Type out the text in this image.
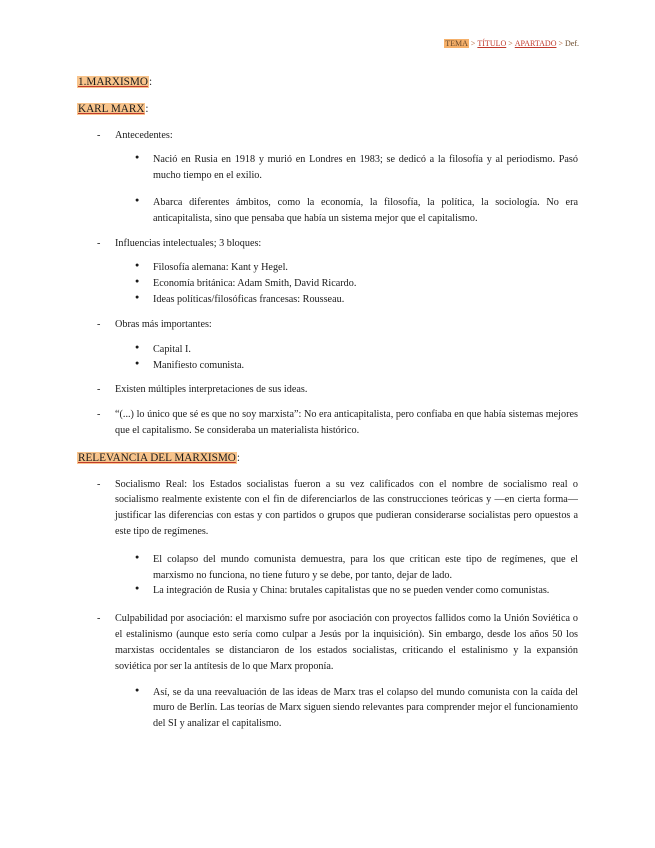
TEMA > TÍTULO > APARTADO > Def.

1.MARXISMO:

KARL MARX:

- Antecedentes:
● Nació en Rusia en 1918 y murió en Londres en 1983; se dedicó a la filosofía y al periodismo. Pasó mucho tiempo en el exilio.
● Abarca diferentes ámbitos, como la economía, la filosofía, la política, la sociología. No era anticapitalista, sino que pensaba que había un sistema mejor que el capitalismo.
- Influencias intelectuales; 3 bloques:
● Filosofía alemana: Kant y Hegel.
● Economía británica: Adam Smith, David Ricardo.
● Ideas políticas/filosóficas francesas: Rousseau.
- Obras más importantes:
● Capital I.
● Manifiesto comunista.
- Existen múltiples interpretaciones de sus ideas.
- “(...) lo único que sé es que no soy marxista”: No era anticapitalista, pero confiaba en que había sistemas mejores que el capitalismo. Se consideraba un materialista histórico.

RELEVANCIA DEL MARXISMO:

- Socialismo Real: los Estados socialistas fueron a su vez calificados con el nombre de socialismo real o socialismo realmente existente con el fin de diferenciarlos de las construcciones teóricas y —en cierta forma— justificar las diferencias con estas y con partidos o grupos que pudieran considerarse socialistas pero opuestos a este tipo de regímenes.
● El colapso del mundo comunista demuestra, para los que critican este tipo de regímenes, que el marxismo no funciona, no tiene futuro y se debe, por tanto, dejar de lado.
● La integración de Rusia y China: brutales capitalistas que no se pueden vender como comunistas.
- Culpabilidad por asociación: el marxismo sufre por asociación con proyectos fallidos como la Unión Soviética o el estalinismo (aunque esto sería como culpar a Jesús por la inquisición). Sin embargo, desde los años 50 los marxistas occidentales se distanciaron de los estados socialistas, criticando el estalinismo y la expansión soviética por ser la antítesis de lo que Marx proponía.
● Así, se da una reevaluación de las ideas de Marx tras el colapso del mundo comunista con la caída del muro de Berlín. Las teorías de Marx siguen siendo relevantes para comprender mejor el funcionamiento del SI y analizar el capitalismo.
